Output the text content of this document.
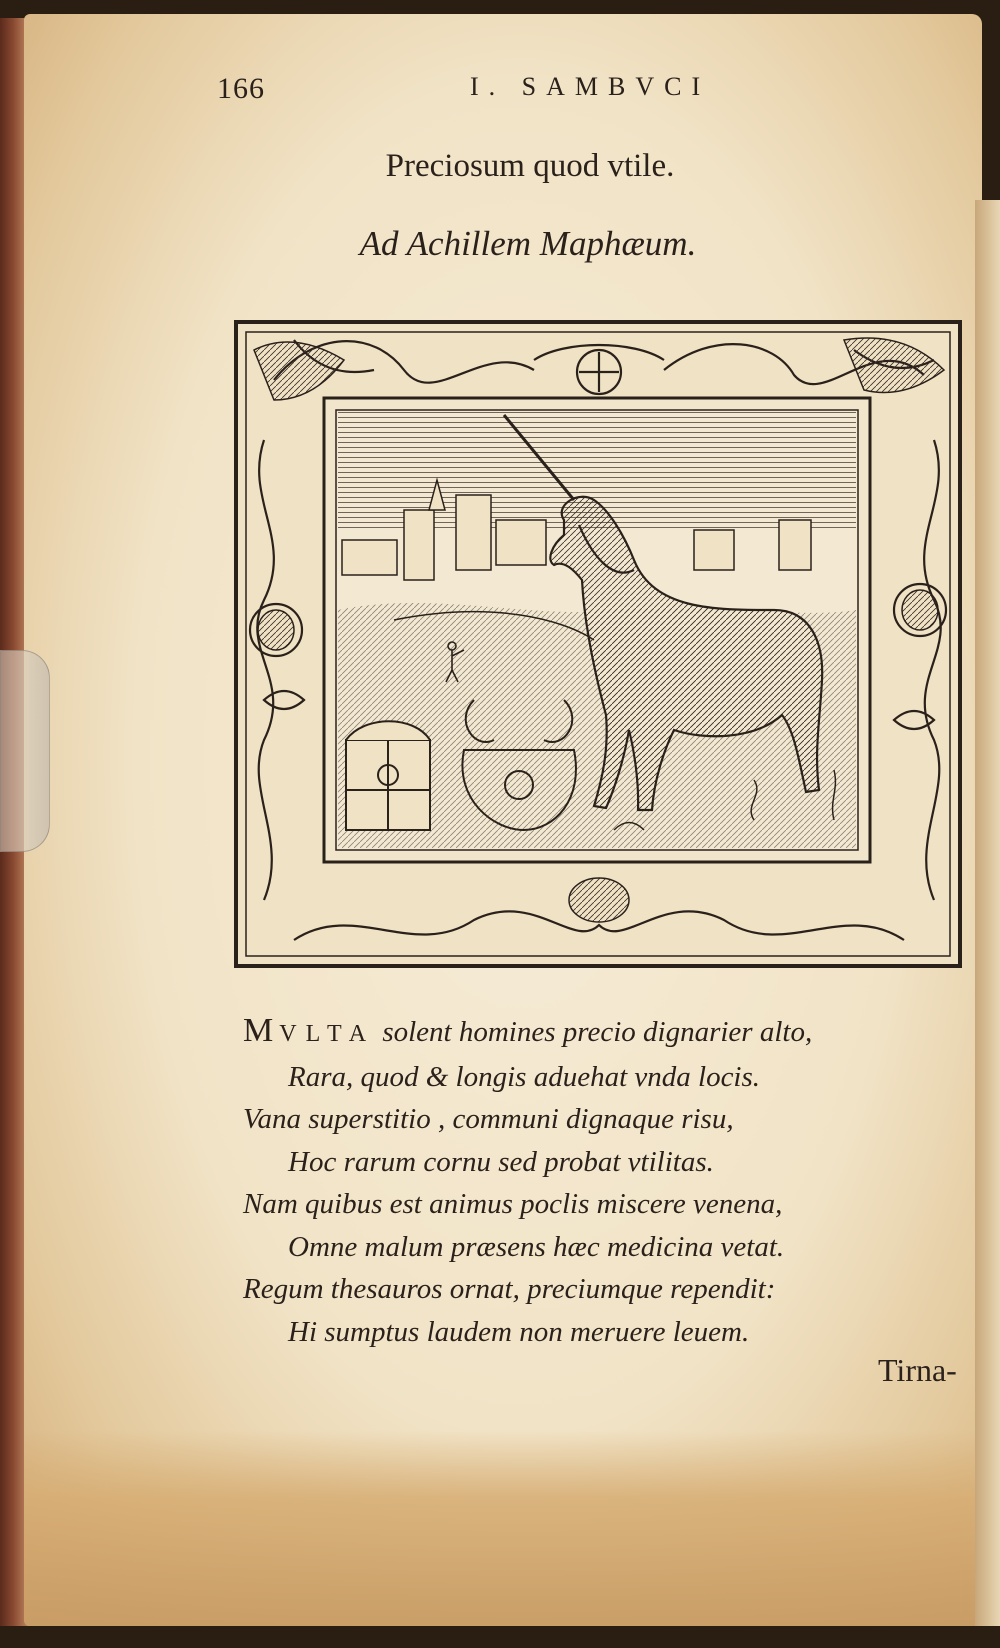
166	I. SAMBVCI
Preciosum quod vtile.
Ad Achillem Maphæum.
MVLTA solent homines precio dignarier alto,
Rara, quod & longis aduehat vnda locis.
Vana superstitio , communi dignaque risu,
Hoc rarum cornu sed probat vtilitas.
Nam quibus est animus poclis miscere venena,
Omne malum præsens hæc medicina vetat.
Regum thesauros ornat, preciumque rependit:
Hi sumptus laudem non meruere leuem.
Tirna-
